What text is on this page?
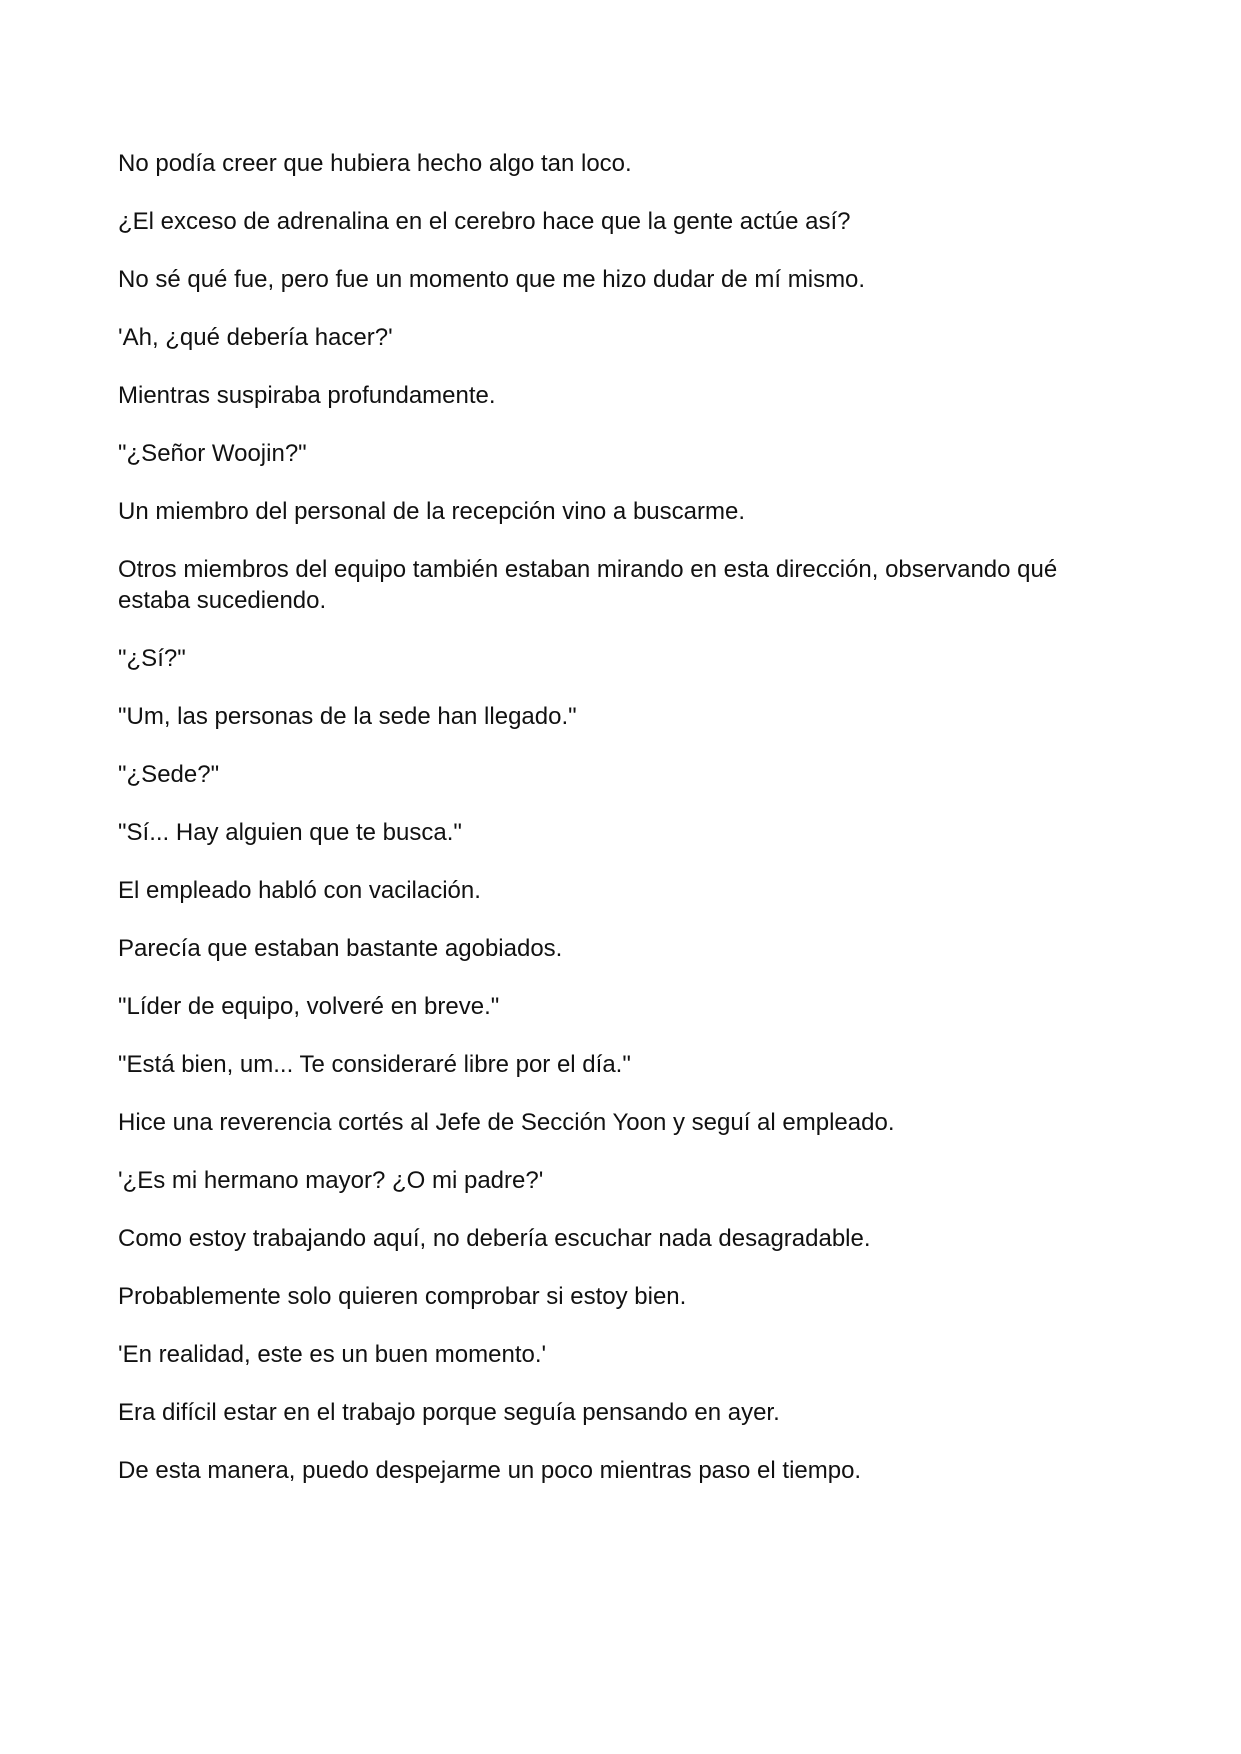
No podía creer que hubiera hecho algo tan loco.

¿El exceso de adrenalina en el cerebro hace que la gente actúe así?

No sé qué fue, pero fue un momento que me hizo dudar de mí mismo.

'Ah, ¿qué debería hacer?'

Mientras suspiraba profundamente.

"¿Señor Woojin?"

Un miembro del personal de la recepción vino a buscarme.

Otros miembros del equipo también estaban mirando en esta dirección, observando qué estaba sucediendo.

"¿Sí?"

"Um, las personas de la sede han llegado."

"¿Sede?"

"Sí... Hay alguien que te busca."

El empleado habló con vacilación.

Parecía que estaban bastante agobiados.

"Líder de equipo, volveré en breve."

"Está bien, um... Te consideraré libre por el día."

Hice una reverencia cortés al Jefe de Sección Yoon y seguí al empleado.

'¿Es mi hermano mayor? ¿O mi padre?'

Como estoy trabajando aquí, no debería escuchar nada desagradable.

Probablemente solo quieren comprobar si estoy bien.

'En realidad, este es un buen momento.'

Era difícil estar en el trabajo porque seguía pensando en ayer.

De esta manera, puedo despejarme un poco mientras paso el tiempo.
